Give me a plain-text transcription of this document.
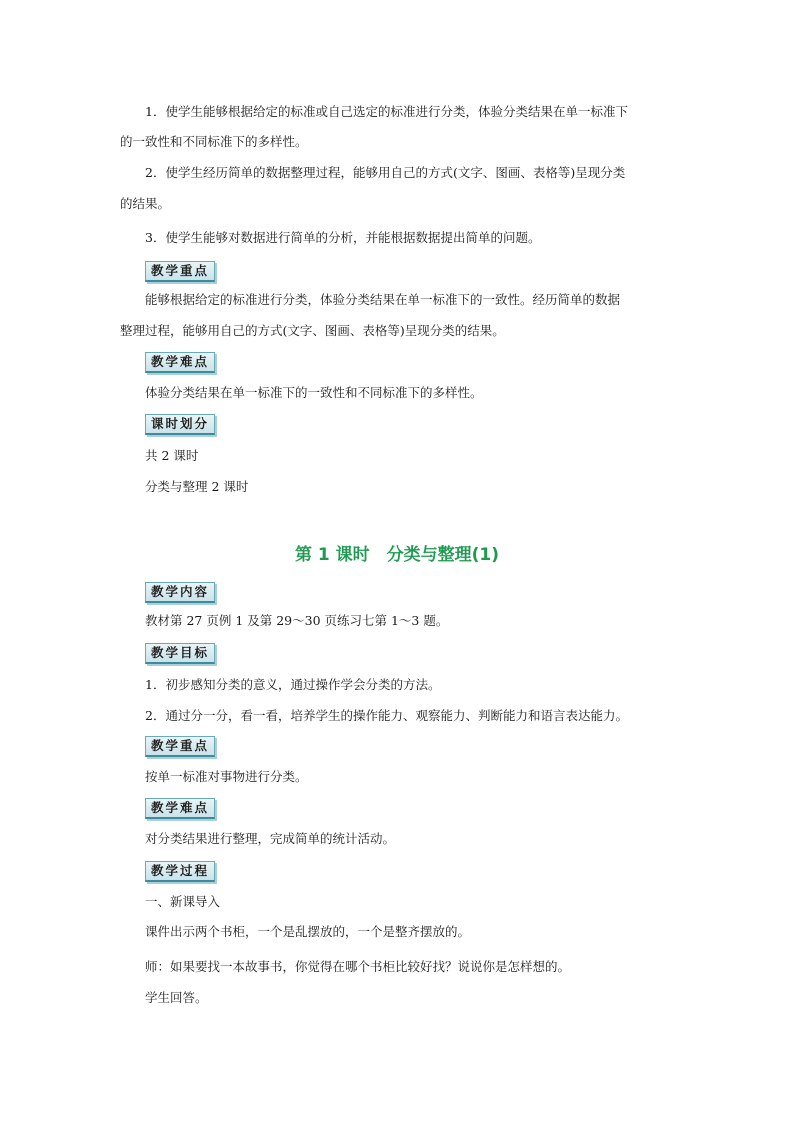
1．使学生能够根据给定的标准或自己选定的标准进行分类，体验分类结果在单一标准下

的一致性和不同标准下的多样性。

2．使学生经历简单的数据整理过程，能够用自己的方式(文字、图画、表格等)呈现分类

的结果。

3．使学生能够对数据进行简单的分析，并能根据数据提出简单的问题。

教学重点

能够根据给定的标准进行分类，体验分类结果在单一标准下的一致性。经历简单的数据

整理过程，能够用自己的方式(文字、图画、表格等)呈现分类的结果。

教学难点

体验分类结果在单一标准下的一致性和不同标准下的多样性。

课时划分

共 2 课时

分类与整理 2 课时

第 1 课时　分类与整理(1)
教学内容

教材第 27 页例 1 及第 29～30 页练习七第 1～3 题。

教学目标

1．初步感知分类的意义，通过操作学会分类的方法。

2．通过分一分，看一看，培养学生的操作能力、观察能力、判断能力和语言表达能力。

教学重点

按单一标准对事物进行分类。

教学难点

对分类结果进行整理，完成简单的统计活动。

教学过程

一、新课导入

课件出示两个书柜，一个是乱摆放的，一个是整齐摆放的。

师：如果要找一本故事书，你觉得在哪个书柜比较好找？说说你是怎样想的。

学生回答。
